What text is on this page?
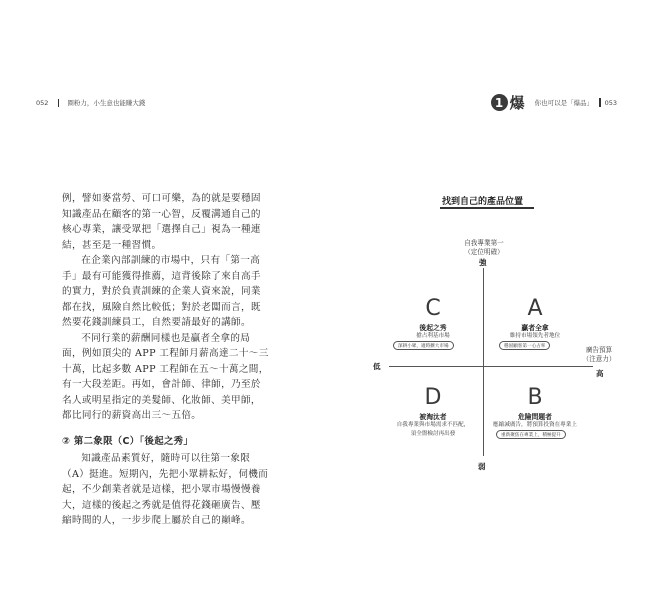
052	圈粉力，小生意也能賺大錢	1 爆 你也可以是「爆品」 053

例，譬如麥當勞、可口可樂，為的就是要穩固知識產品在顧客的第一心智，反覆溝通自己的核心專業，讓受眾把「選擇自己」視為一種連結，甚至是一種習慣。

在企業內部訓練的市場中，只有「第一高手」最有可能獲得推薦，這背後除了來自高手的實力，對於負責訓練的企業人資來說，同業都在找，風險自然比較低；對於老闆而言，既然要花錢訓練員工，自然要請最好的講師。

不同行業的薪酬同樣也是贏者全拿的局面，例如頂尖的 APP 工程師月薪高達二十～三十萬，比起多數 APP 工程師在五～十萬之間，有一大段差距。再如，會計師、律師，乃至於名人或明星指定的美髮師、化妝師、美甲師，都比同行的薪資高出三～五倍。

② 第二象限（C）「後起之秀」

知識產品素質好，隨時可以往第一象限（A）挺進。短期內，先把小眾耕耘好，伺機而起，不少創業者就是這樣，把小眾市場慢慢養大，這樣的後起之秀就是值得花錢砸廣告、壓縮時間的人，一步步爬上屬於自己的巔峰。

找到自己的產品位置
自我專業第一
（定位明確）
強
弱
低
高
廣告預算
（注意力）
C
後起之秀
搶占利基市場
深耕小眾，適時擴大市場
A
贏者全拿
維持市場領先者地位
穩固顧客第一心占率
D
被淘汰者
自我專業與市場需求不匹配，
須全盤檢討再出發
B
危險問題者
應縮減廣告，將預算投資在專業上
重新聚焦在專業上，積極提升
